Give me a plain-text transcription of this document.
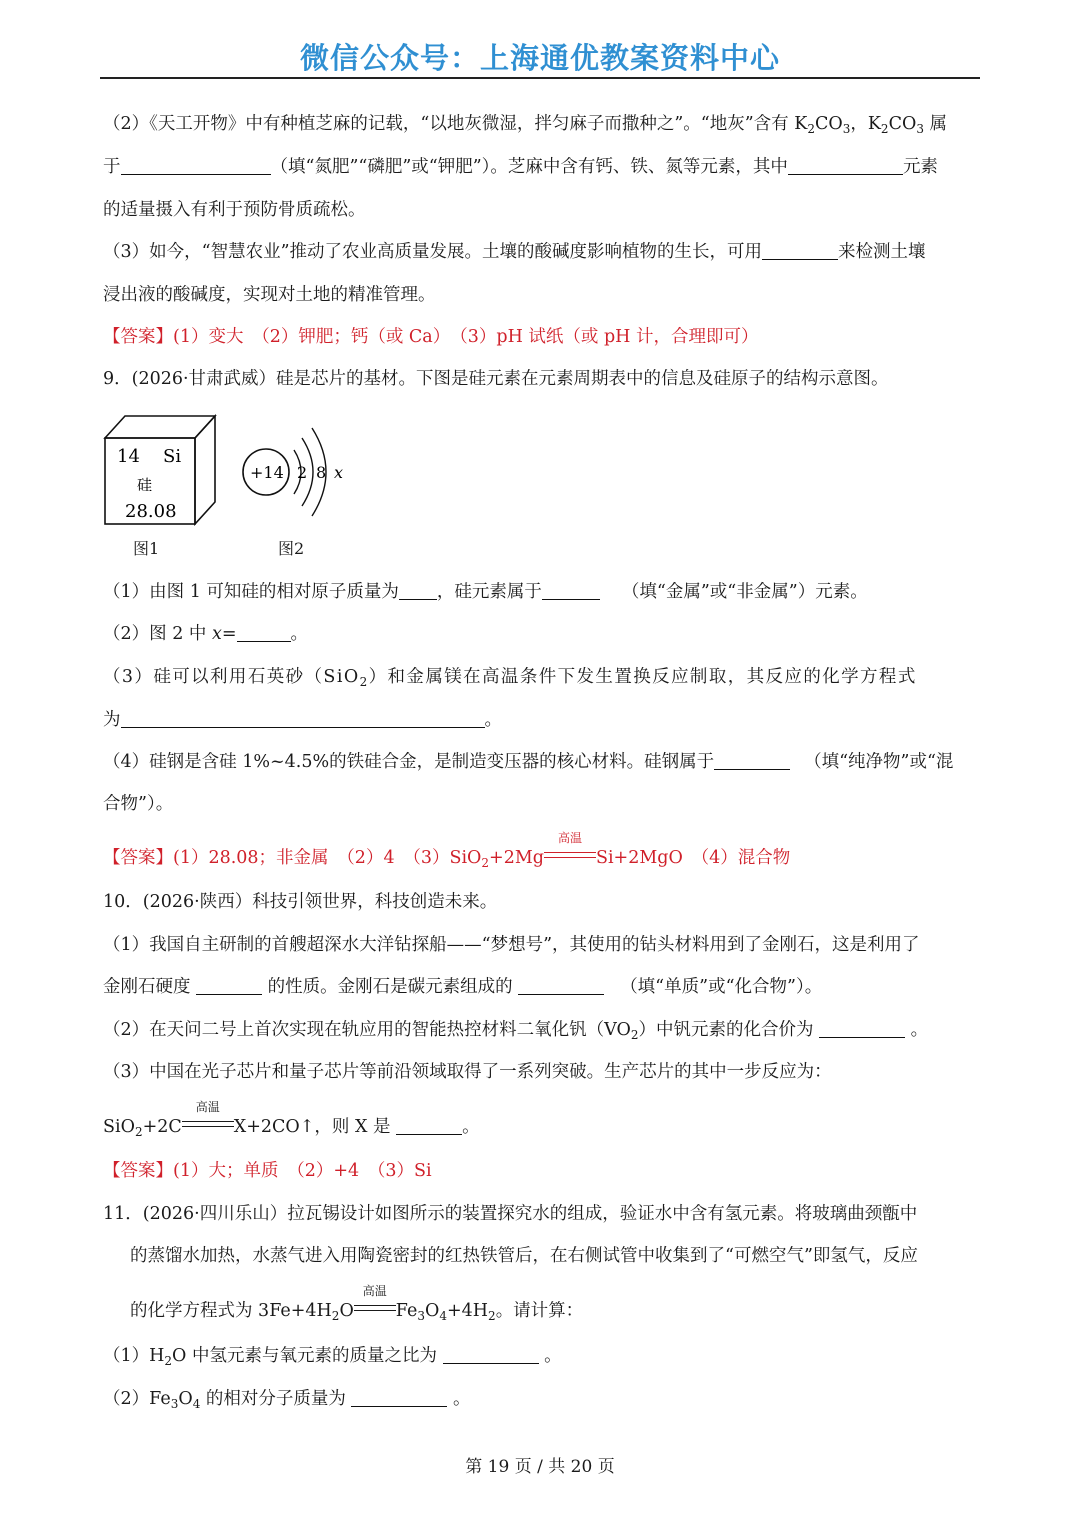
微信公众号：上海通优教案资料中心
（2）《天工开物》中有种植芝麻的记载，“以地灰微湿，拌匀麻子而撒种之”。“地灰”含有 $K_2CO_3$，$K_2CO_3$ 属
于	（填“氮肥”“磷肥”或“钾肥”）。芝麻中含有钙、铁、氮等元素，其中	元素
的适量摄入有利于预防骨质疏松。
（3）如今，“智慧农业”推动了农业高质量发展。土壤的酸碱度影响植物的生长，可用	来检测土壤
浸出液的酸碱度，实现对土地的精准管理。
【答案】(1）变大　（2）钾肥；钙（或 Ca）　（3）pH 试纸（或 pH 计，合理即可）
9．(2026·甘肃武威）硅是芯片的基材。下图是硅元素在元素周期表中的信息及硅原子的结构示意图。
14 Si
硅
28.08
图1
+14 2 8 x
图2
（1）由图 1 可知硅的相对原子质量为 ，硅元素属于	（填“金属”或“非金属”）元素。
（2）图 2 中 x=	。
（3）硅可以利用石英砂（SiO$_2$）和金属镁在高温条件下发生置换反应制取，其反应的化学方程式
为	。
（4）硅钢是含硅 1%~4.5%的铁硅合金，是制造变压器的核心材料。硅钢属于	（填“纯净物”或“混
合物”）。
【答案】(1）28.08；非金属　（2）4　（3）SiO$_2$+2Mg
高温
Si+2MgO　（4）混合物
10．(2026·陕西）科技引领世界，科技创造未来。
（1）我国自主研制的首艘超深水大洋钻探船——“梦想号”，其使用的钻头材料用到了金刚石，这是利用了
金刚石硬度	的性质。金刚石是碳元素组成的	（填“单质”或“化合物”）。
（2）在天问二号上首次实现在轨应用的智能热控材料二氧化钒$(VO_2)$中钒元素的化合价为	。
（3）中国在光子芯片和量子芯片等前沿领域取得了一系列突破。生产芯片的其中一步反应为：
SiO$_2$+2C
高温
X+2CO↑，则 X 是	。
【答案】(1）大；单质　（2）+4　（3）Si
11．(2026·四川乐山）拉瓦锡设计如图所示的装置探究水的组成，验证水中含有氢元素。将玻璃曲颈甑中
的蒸馏水加热，水蒸气进入用陶瓷密封的红热铁管后，在右侧试管中收集到了“可燃空气”即氢气，反应
的化学方程式为 $3Fe+4H_2O$
高温
$Fe_3O_4+4H_2$。请计算：
$(1)H_2O$ 中氢元素与氧元素的质量之比为	。
$(2)Fe_3O_4$ 的相对分子质量为	。
第 19 页 / 共 20 页
